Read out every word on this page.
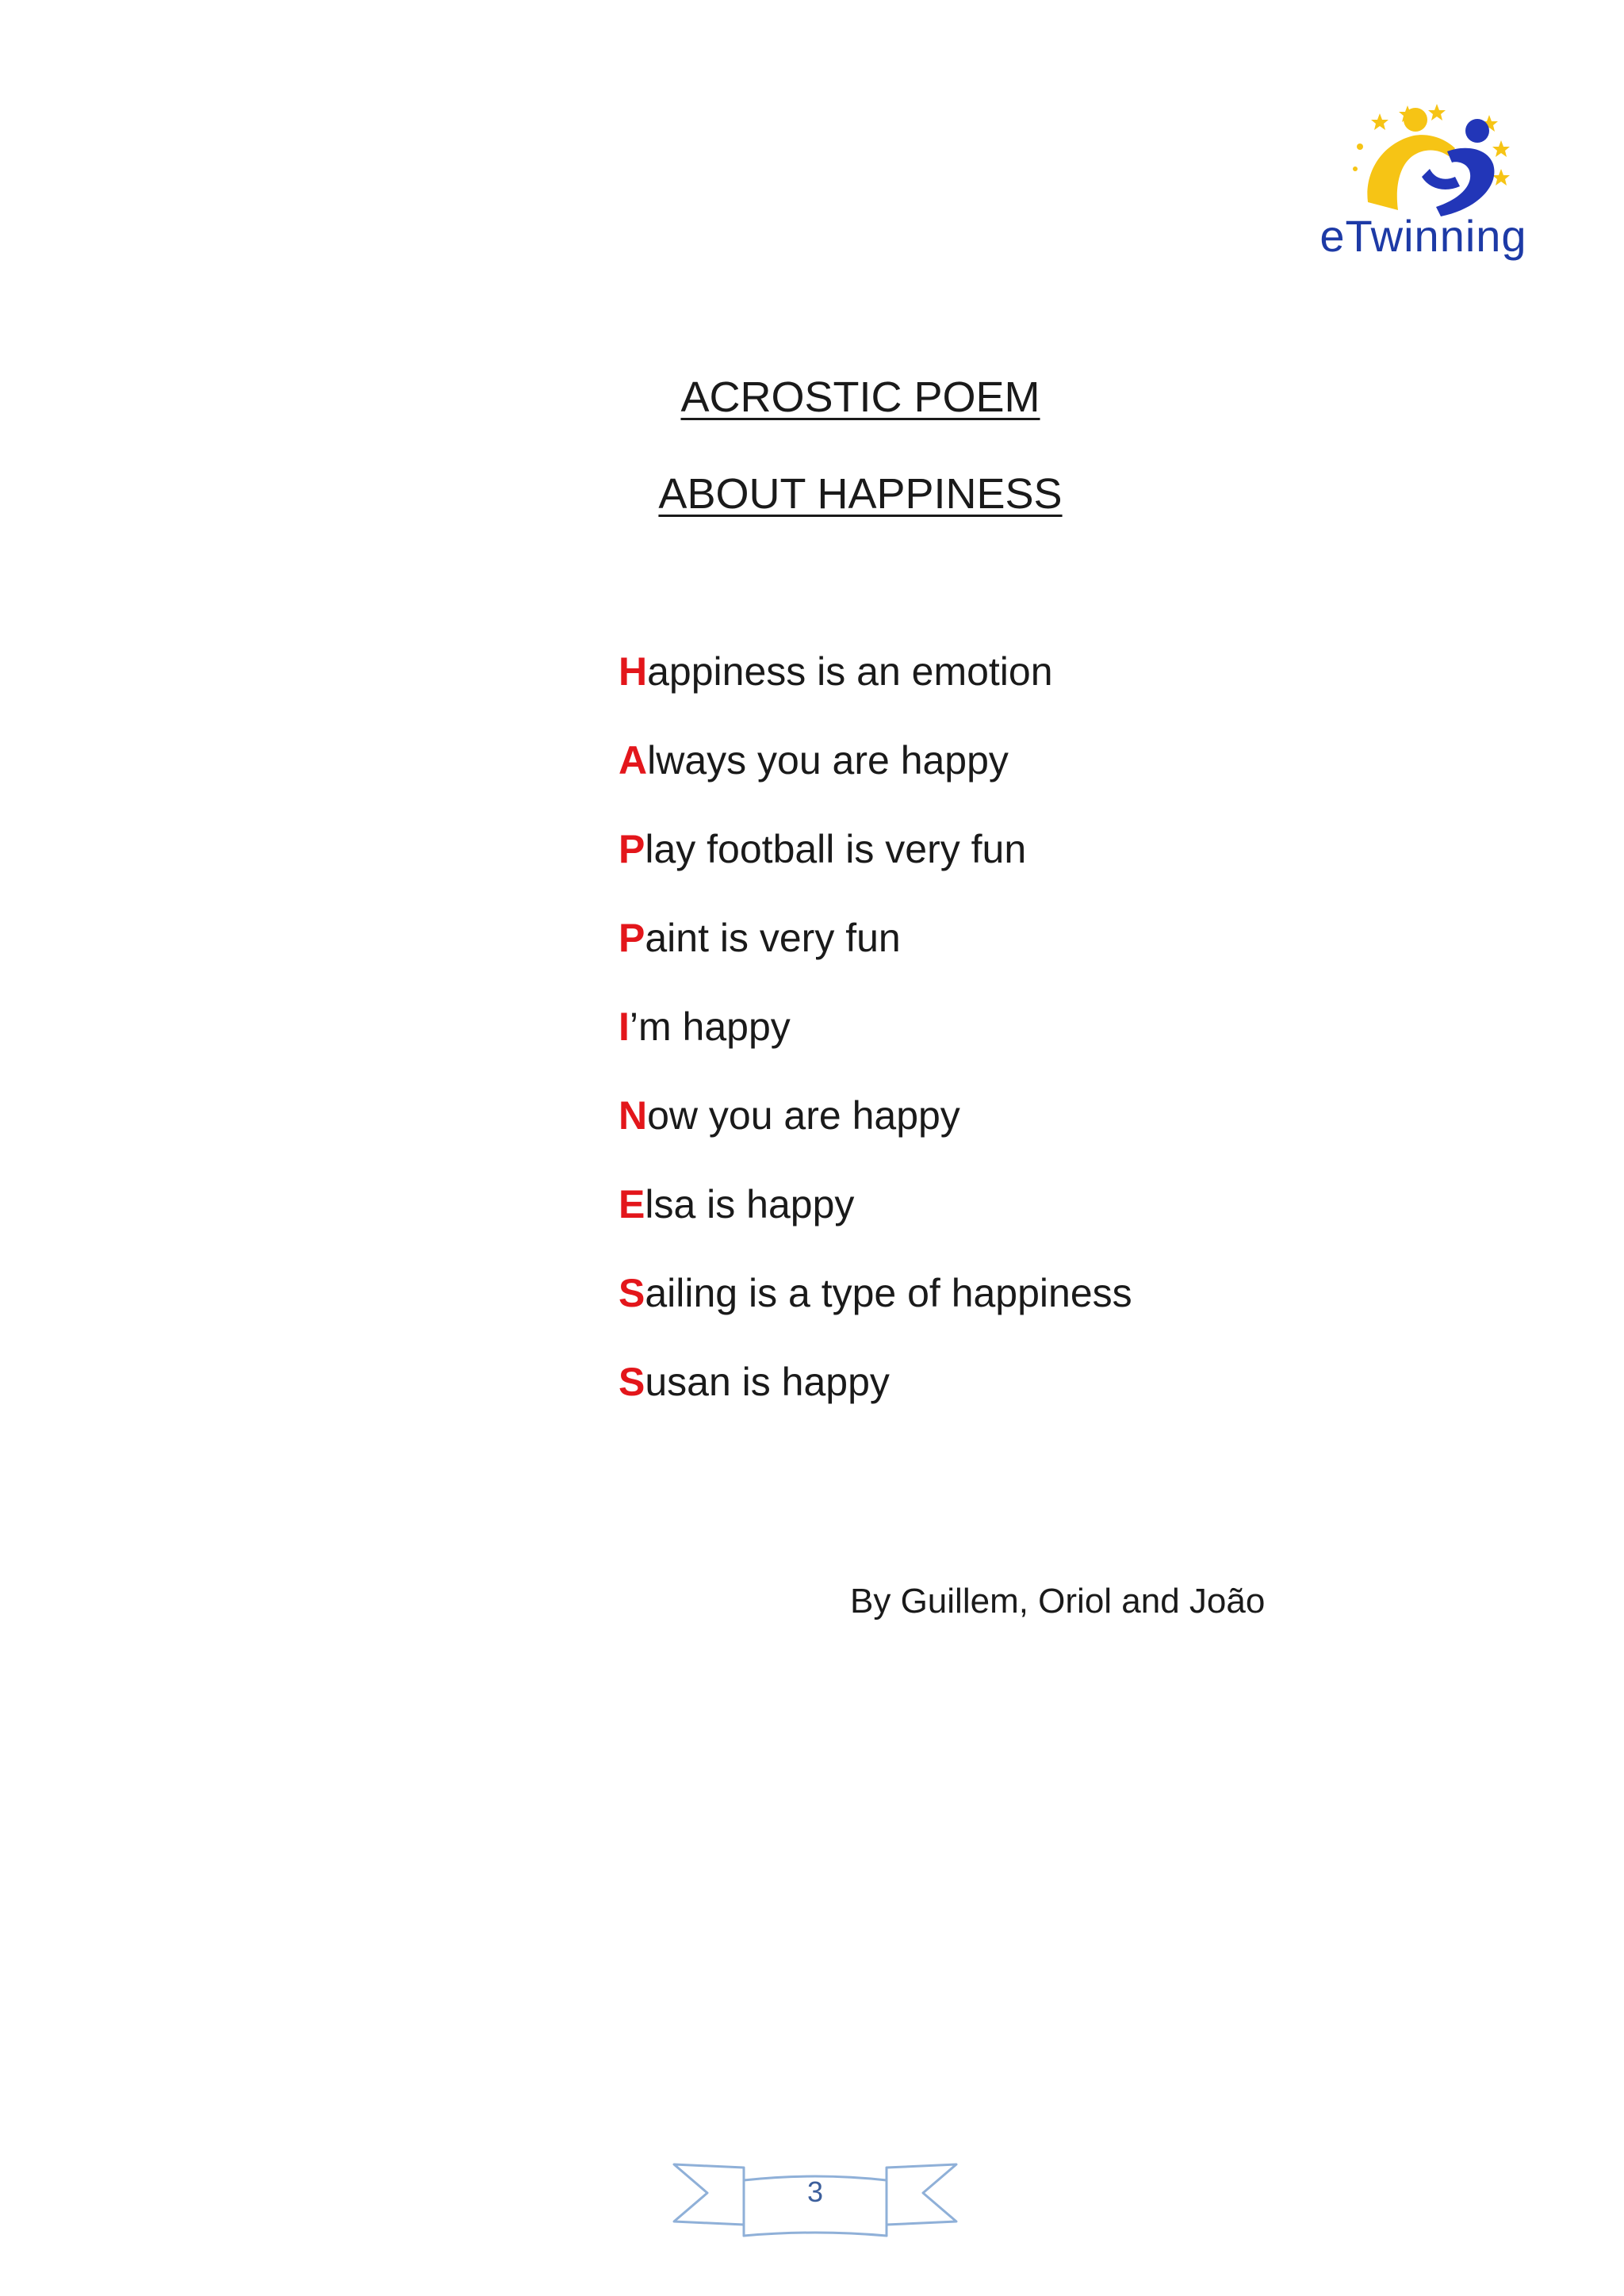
eTwinning
ACROSTIC POEM
ABOUT HAPPINESS
Happiness is an emotion
Always you are happy
Play football is very fun
Paint is very fun
I’m happy
Now you are happy
Elsa is happy
Sailing is a type of happiness
Susan is happy
By Guillem, Oriol and João
3
